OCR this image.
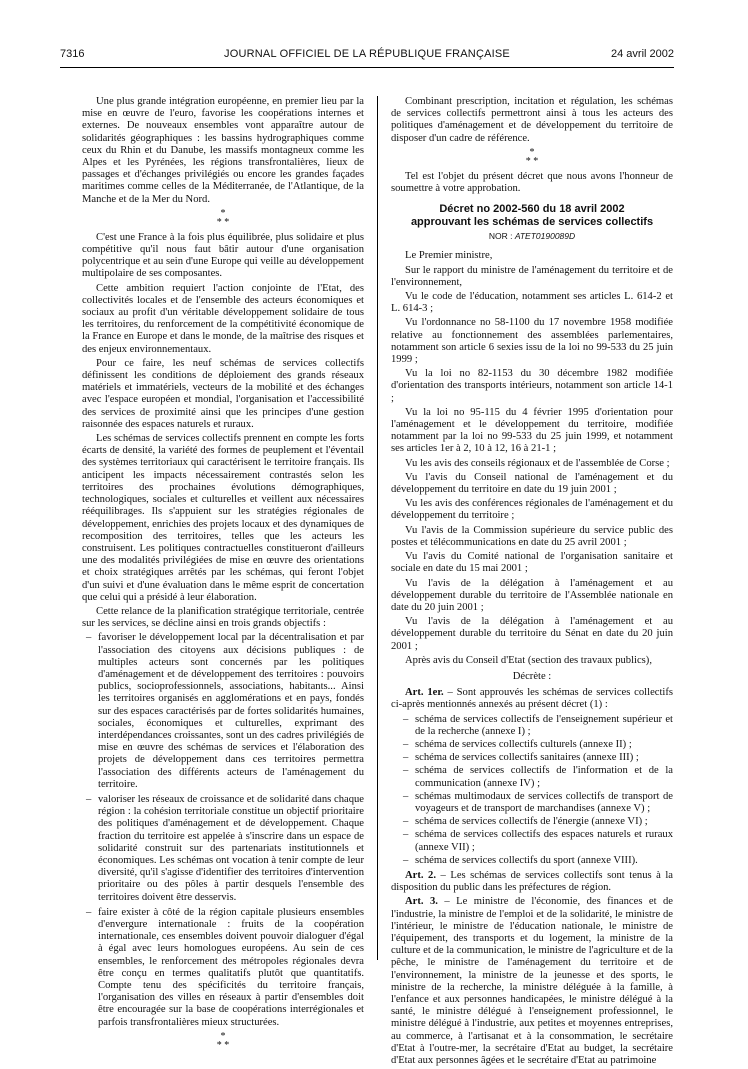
7316	JOURNAL OFFICIEL DE LA RÉPUBLIQUE FRANÇAISE	24 avril 2002

Une plus grande intégration européenne, en premier lieu par la mise en œuvre de l'euro, favorise les coopérations internes et externes. De nouveaux ensembles vont apparaître autour de solidarités géographiques : les bassins hydrographiques comme ceux du Rhin et du Danube, les massifs montagneux comme les Alpes et les Pyrénées, les régions transfrontalières, lieux de passages et d'échanges privilégiés ou encore les grandes façades maritimes comme celles de la Méditerranée, de l'Atlantique, de la Manche et de la Mer du Nord.

*
* *

C'est une France à la fois plus équilibrée, plus solidaire et plus compétitive qu'il nous faut bâtir autour d'une organisation polycentrique et au sein d'une Europe qui veille au développement multipolaire de ses composantes.

Cette ambition requiert l'action conjointe de l'Etat, des collectivités locales et de l'ensemble des acteurs économiques et sociaux au profit d'un véritable développement solidaire de tous les territoires, du renforcement de la compétitivité économique de la France en Europe et dans le monde, de la maîtrise des risques et des enjeux environnementaux.

Pour ce faire, les neuf schémas de services collectifs définissent les conditions de déploiement des grands réseaux matériels et immatériels, vecteurs de la mobilité et des échanges avec l'espace européen et mondial, l'organisation et l'accessibilité des services de proximité ainsi que les principes d'une gestion raisonnée des espaces naturels et ruraux.

Les schémas de services collectifs prennent en compte les forts écarts de densité, la variété des formes de peuplement et l'éventail des systèmes territoriaux qui caractérisent le territoire français. Ils anticipent les impacts nécessairement contrastés selon les territoires des prochaines évolutions démographiques, technologiques, sociales et culturelles et veillent aux nécessaires rééquilibrages. Ils s'appuient sur les stratégies régionales de développement, enrichies des projets locaux et des dynamiques de recomposition des territoires, telles que les acteurs les construisent. Les politiques contractuelles constitueront d'ailleurs une des modalités privilégiées de mise en œuvre des orientations et choix stratégiques arrêtés par les schémas, qui feront l'objet d'un suivi et d'une évaluation dans le même esprit de concertation que celui qui a présidé à leur élaboration.

Cette relance de la planification stratégique territoriale, centrée sur les services, se décline ainsi en trois grands objectifs :

– favoriser le développement local par la décentralisation et par l'association des citoyens aux décisions publiques : de multiples acteurs sont concernés par les politiques d'aménagement et de développement des territoires : pouvoirs publics, socioprofessionnels, associations, habitants... Ainsi les territoires organisés en agglomérations et en pays, fondés sur des espaces caractérisés par de fortes solidarités humaines, sociales, économiques et culturelles, exprimant des interdépendances croissantes, sont un des cadres privilégiés de mise en œuvre des schémas de services et l'élaboration des projets de développement dans ces territoires permettra l'association des différents acteurs de l'aménagement du territoire.
– valoriser les réseaux de croissance et de solidarité dans chaque région : la cohésion territoriale constitue un objectif prioritaire des politiques d'aménagement et de développement. Chaque fraction du territoire est appelée à s'inscrire dans un espace de solidarité construit sur des partenariats institutionnels et économiques. Les schémas ont vocation à tenir compte de leur diversité, qu'il s'agisse d'identifier des territoires d'intervention prioritaire ou des pôles à partir desquels l'ensemble des territoires doivent être desservis.
– faire exister à côté de la région capitale plusieurs ensembles d'envergure internationale : fruits de la coopération internationale, ces ensembles doivent pouvoir dialoguer d'égal à égal avec leurs homologues européens. Au sein de ces ensembles, le renforcement des métropoles régionales devra être conçu en termes qualitatifs plutôt que quantitatifs. Compte tenu des spécificités du territoire français, l'organisation des villes en réseaux à partir d'ensembles doit être encouragée sur la base de coopérations interrégionales et parfois transfrontalières mieux structurées.
*
* *

Combinant prescription, incitation et régulation, les schémas de services collectifs permettront ainsi à tous les acteurs des politiques d'aménagement et de développement du territoire de disposer d'un cadre de référence.

*
* *

Tel est l'objet du présent décret que nous avons l'honneur de soumettre à votre approbation.

Décret no 2002-560 du 18 avril 2002
approuvant les schémas de services collectifs

NOR : ATET0190089D

Le Premier ministre,

Sur le rapport du ministre de l'aménagement du territoire et de l'environnement,

Vu le code de l'éducation, notamment ses articles L. 614-2 et L. 614-3 ;

Vu l'ordonnance no 58-1100 du 17 novembre 1958 modifiée relative au fonctionnement des assemblées parlementaires, notamment son article 6 sexies issu de la loi no 99-533 du 25 juin 1999 ;

Vu la loi no 82-1153 du 30 décembre 1982 modifiée d'orientation des transports intérieurs, notamment son article 14-1 ;

Vu la loi no 95-115 du 4 février 1995 d'orientation pour l'aménagement et le développement du territoire, modifiée notamment par la loi no 99-533 du 25 juin 1999, et notamment ses articles 1er à 2, 10 à 12, 16 à 21-1 ;

Vu les avis des conseils régionaux et de l'assemblée de Corse ;

Vu l'avis du Conseil national de l'aménagement et du développement du territoire en date du 19 juin 2001 ;

Vu les avis des conférences régionales de l'aménagement et du développement du territoire ;

Vu l'avis de la Commission supérieure du service public des postes et télécommunications en date du 25 avril 2001 ;

Vu l'avis du Comité national de l'organisation sanitaire et sociale en date du 15 mai 2001 ;

Vu l'avis de la délégation à l'aménagement et au développement durable du territoire de l'Assemblée nationale en date du 20 juin 2001 ;

Vu l'avis de la délégation à l'aménagement et au développement durable du territoire du Sénat en date du 20 juin 2001 ;

Après avis du Conseil d'Etat (section des travaux publics),

Décrète :

Art. 1er. – Sont approuvés les schémas de services collectifs ci-après mentionnés annexés au présent décret (1) :

– schéma de services collectifs de l'enseignement supérieur et de la recherche (annexe I) ;
– schéma de services collectifs culturels (annexe II) ;
– schéma de services collectifs sanitaires (annexe III) ;
– schéma de services collectifs de l'information et de la communication (annexe IV) ;
– schémas multimodaux de services collectifs de transport de voyageurs et de transport de marchandises (annexe V) ;
– schéma de services collectifs de l'énergie (annexe VI) ;
– schéma de services collectifs des espaces naturels et ruraux (annexe VII) ;
– schéma de services collectifs du sport (annexe VIII).

Art. 2. – Les schémas de services collectifs sont tenus à la disposition du public dans les préfectures de région.

Art. 3. – Le ministre de l'économie, des finances et de l'industrie, la ministre de l'emploi et de la solidarité, le ministre de l'intérieur, le ministre de l'éducation nationale, le ministre de l'équipement, des transports et du logement, la ministre de la culture et de la communication, le ministre de l'agriculture et de la pêche, le ministre de l'aménagement du territoire et de l'environnement, la ministre de la jeunesse et des sports, le ministre de la recherche, la ministre déléguée à la famille, à l'enfance et aux personnes handicapées, le ministre délégué à la santé, le ministre délégué à l'enseignement professionnel, le ministre délégué à l'industrie, aux petites et moyennes entreprises, au commerce, à l'artisanat et à la consommation, le secrétaire d'Etat à l'outre-mer, la secrétaire d'Etat au budget, la secrétaire d'Etat aux personnes âgées et le secrétaire d'Etat au patrimoine
